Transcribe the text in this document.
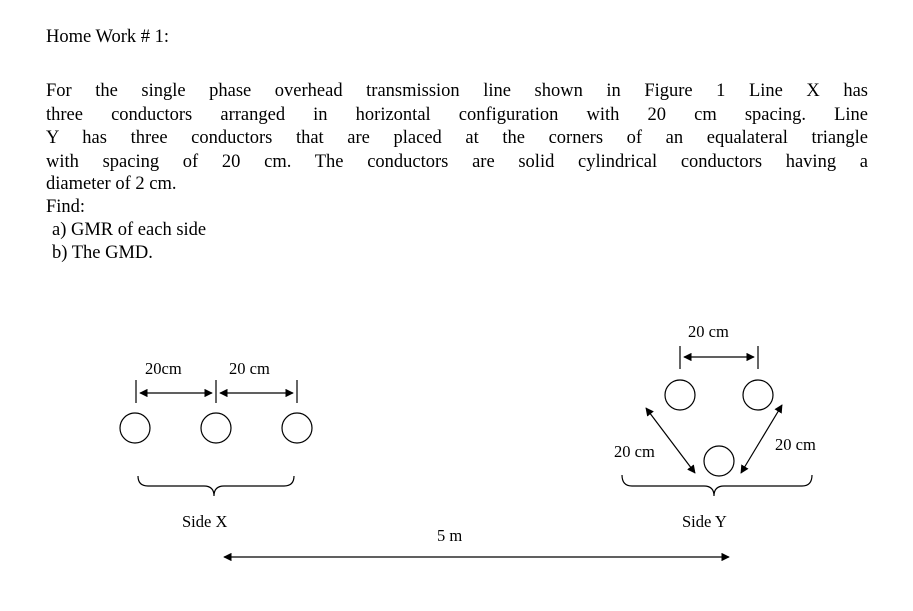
Home Work # 1:
For the single phase overhead transmission line shown in Figure 1 Line X has
three conductors arranged in horizontal configuration with 20 cm spacing. Line
Y has three conductors that are placed at the corners of an equalateral triangle
with spacing of 20 cm. The conductors are solid cylindrical conductors having a
diameter of 2 cm.
Find:
a) GMR of each side
b) The GMD.
20cm	20 cm
Side X
20 cm
20 cm	20 cm
Side Y
5 m
